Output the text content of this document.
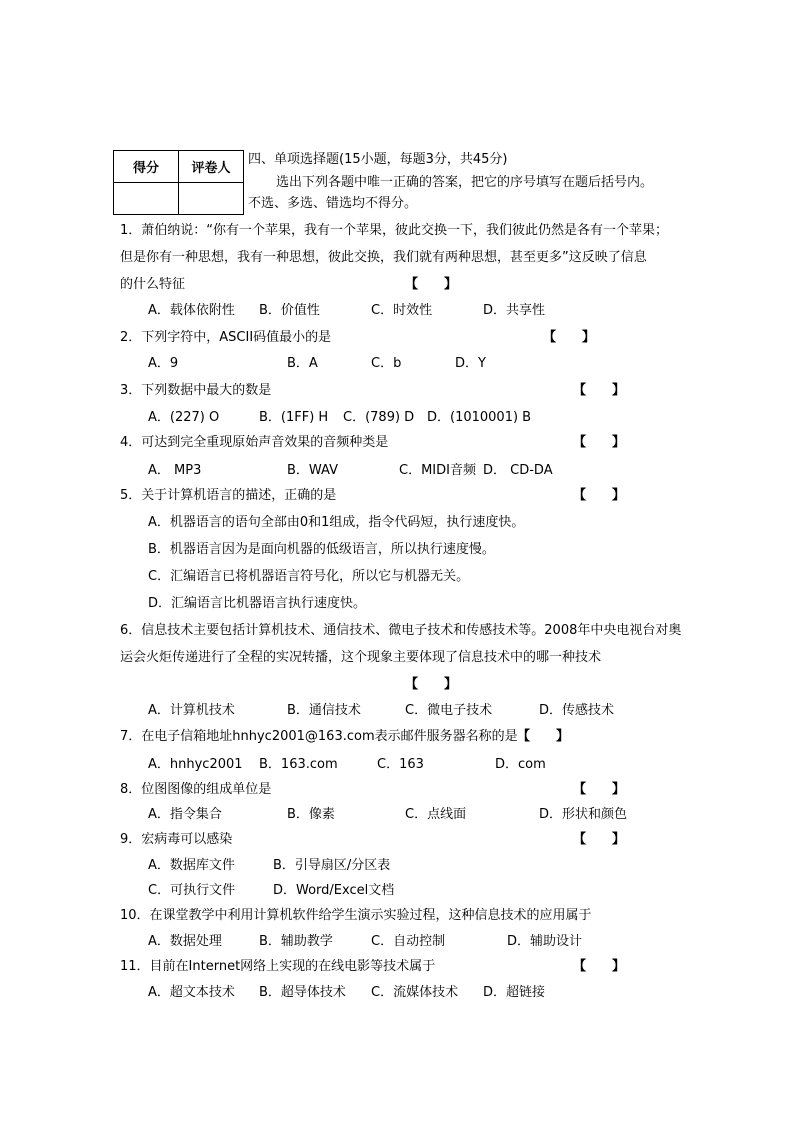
得分	评卷人

四、单项选择题(15小题，每题3分，共45分)
选出下列各题中唯一正确的答案，把它的序号填写在题后括号内。
不选、多选、错选均不得分。
1．萧伯纳说：“你有一个苹果，我有一个苹果，彼此交换一下，我们彼此仍然是各有一个苹果；
但是你有一种思想，我有一种思想，彼此交换，我们就有两种思想，甚至更多”这反映了信息
的什么特征	【　　】
A．载体依附性 B．价值性	C．时效性	D．共享性
2．下列字符中，ASCII码值最小的是	【　　】
A．9	B．A	C．b	D．Y
3．下列数据中最大的数是	【　　】
A．(227) O	B．(1FF) H C．(789) D D．(1010001) B
4．可达到完全重现原始声音效果的音频种类是	【　　】
A． MP3	B．WAV	C．MIDI音频 D． CD-DA
5．关于计算机语言的描述，正确的是	【　　】
A．机器语言的语句全部由0和1组成，指令代码短，执行速度快。
B．机器语言因为是面向机器的低级语言，所以执行速度慢。
C．汇编语言已将机器语言符号化，所以它与机器无关。
D．汇编语言比机器语言执行速度快。
6．信息技术主要包括计算机技术、通信技术、微电子技术和传感技术等。2008年中央电视台对奥
运会火炬传递进行了全程的实况转播，这个现象主要体现了信息技术中的哪一种技术
【　　】
A．计算机技术	B．通信技术	C．微电子技术	D．传感技术
7．在电子信箱地址hnhyc2001@163.com表示邮件服务器名称的是 【　　】
A．hnhyc2001 B．163.com	C．163	D．com
8．位图图像的组成单位是	【　　】
A．指令集合	B．像素	C．点线面	D．形状和颜色
9．宏病毒可以感染	【　　】
A．数据库文件	B．引导扇区/分区表
C．可执行文件	D．Word/Excel文档
10．在课堂教学中利用计算机软件给学生演示实验过程，这种信息技术的应用属于
A．数据处理	B．辅助教学	C．自动控制	D．辅助设计
11．目前在Internet网络上实现的在线电影等技术属于	【　　】
A．超文本技术 B．超导体技术 C．流媒体技术 D．超链接
